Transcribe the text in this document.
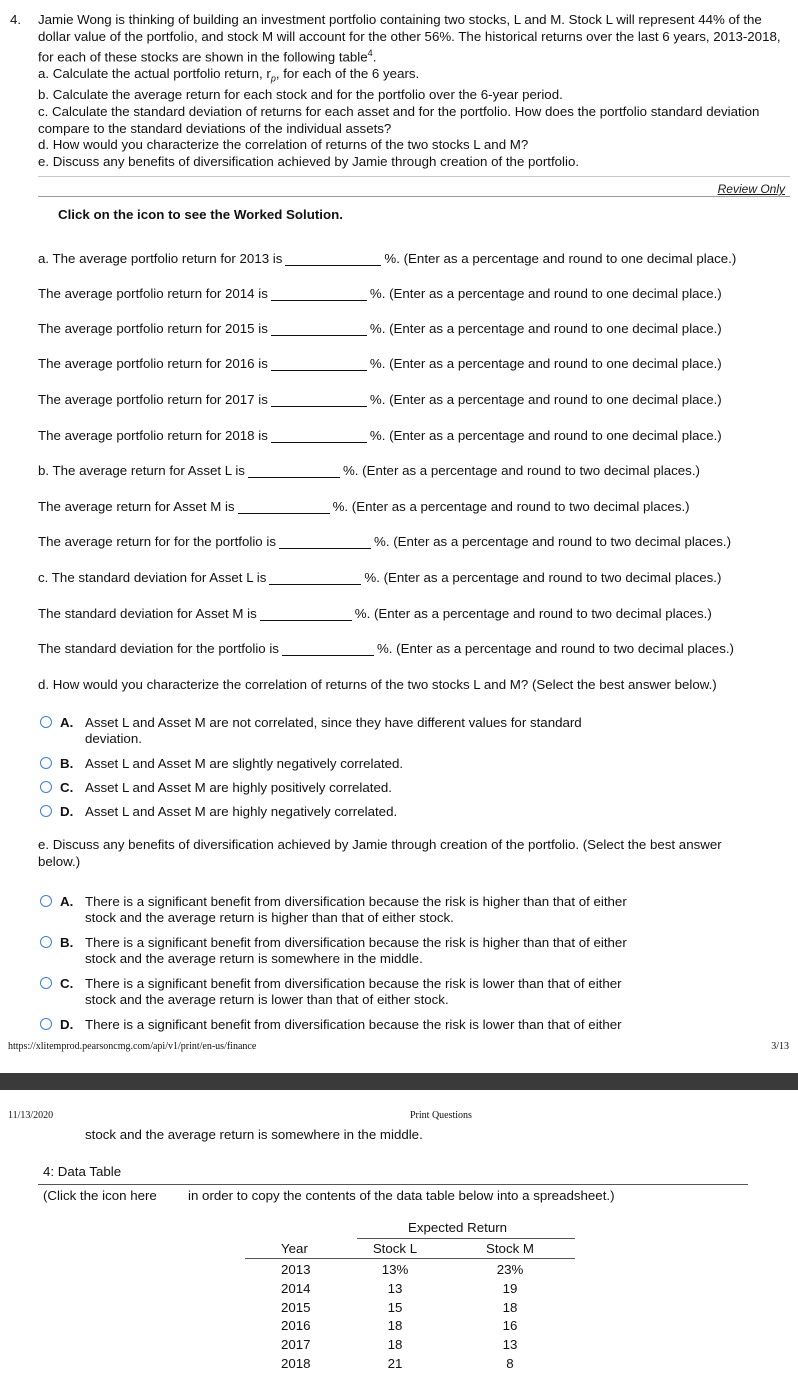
4. Jamie Wong is thinking of building an investment portfolio containing two stocks, L and M. Stock L will represent 44% of the dollar value of the portfolio, and stock M will account for the other 56%. The historical returns over the last 6 years, 2013-2018, for each of these stocks are shown in the following table$^4$.

a. Calculate the actual portfolio return, $r_p$, for each of the 6 years.

b. Calculate the average return for each stock and for the portfolio over the 6-year period.

c. Calculate the standard deviation of returns for each asset and for the portfolio. How does the portfolio standard deviation compare to the standard deviations of the individual assets?

d. How would you characterize the correlation of returns of the two stocks L and M?

e. Discuss any benefits of diversification achieved by Jamie through creation of the portfolio.

Review Only
Click on the icon to see the Worked Solution.
a. The average portfolio return for 2013 is	%. (Enter as a percentage and round to one decimal place.)
The average portfolio return for 2014 is	%. (Enter as a percentage and round to one decimal place.)
The average portfolio return for 2015 is	%. (Enter as a percentage and round to one decimal place.)
The average portfolio return for 2016 is	%. (Enter as a percentage and round to one decimal place.)
The average portfolio return for 2017 is	%. (Enter as a percentage and round to one decimal place.)
The average portfolio return for 2018 is	%. (Enter as a percentage and round to one decimal place.)
b. The average return for Asset L is	%. (Enter as a percentage and round to two decimal places.)
The average return for Asset M is	%. (Enter as a percentage and round to two decimal places.)
The average return for for the portfolio is	%. (Enter as a percentage and round to two decimal places.)
c. The standard deviation for Asset L is	%. (Enter as a percentage and round to two decimal places.)
The standard deviation for Asset M is	%. (Enter as a percentage and round to two decimal places.)
The standard deviation for the portfolio is	%. (Enter as a percentage and round to two decimal places.)
d. How would you characterize the correlation of returns of the two stocks L and M? (Select the best answer below.)
A. Asset L and Asset M are not correlated, since they have different values for standard deviation.
B. Asset L and Asset M are slightly negatively correlated.
C. Asset L and Asset M are highly positively correlated.
D. Asset L and Asset M are highly negatively correlated.
e. Discuss any benefits of diversification achieved by Jamie through creation of the portfolio. (Select the best answer below.)
A. There is a significant benefit from diversification because the risk is higher than that of either stock and the average return is higher than that of either stock.
B. There is a significant benefit from diversification because the risk is higher than that of either stock and the average return is somewhere in the middle.
C. There is a significant benefit from diversification because the risk is lower than that of either stock and the average return is lower than that of either stock.
D. There is a significant benefit from diversification because the risk is lower than that of either
https://xlitemprod.pearsoncmg.com/api/v1/print/en-us/finance	3/13
11/13/2020	Print Questions
stock and the average return is somewhere in the middle.
4: Data Table
(Click the icon here in order to copy the contents of the data table below into a spreadsheet.)
Expected Return
Year	Stock L	Stock M
2013	13%	23%
2014	13	19
2015	15	18
2016	18	16
2017	18	13
2018	21	8
